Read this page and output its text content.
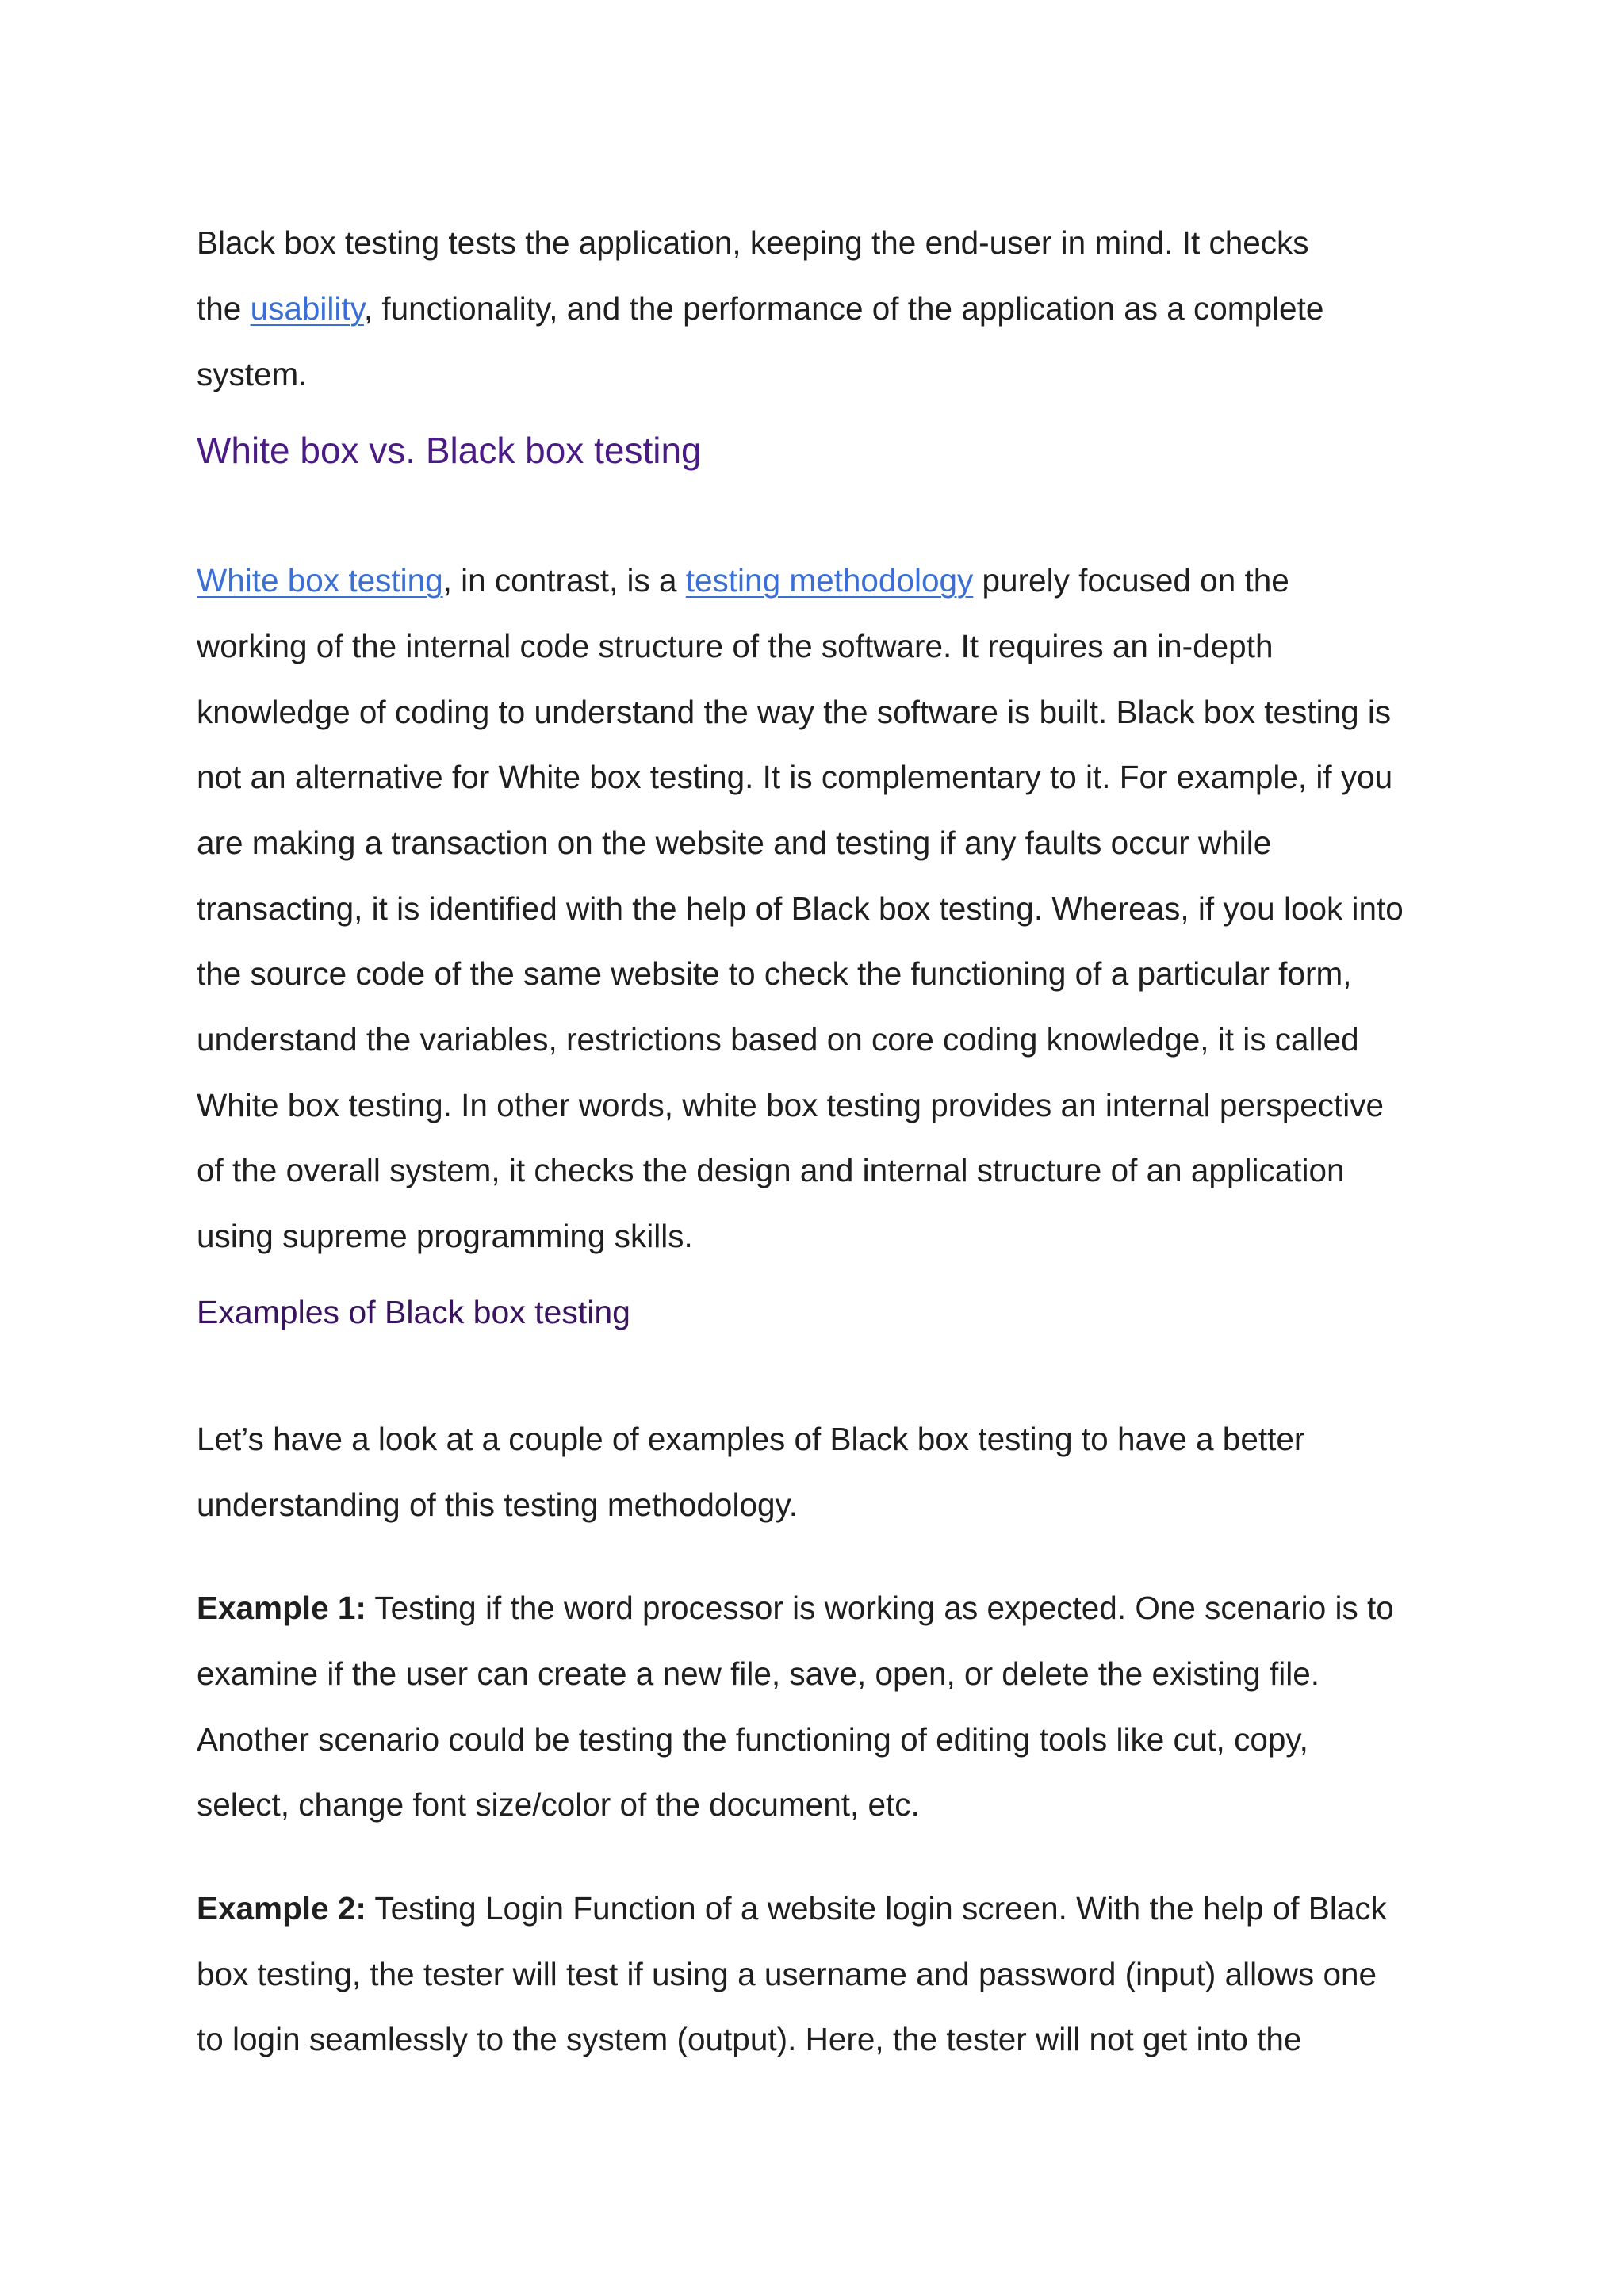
Black box testing tests the application, keeping the end-user in mind. It checks

the usability, functionality, and the performance of the application as a complete

system.

White box vs. Black box testing

White box testing, in contrast, is a testing methodology purely focused on the

working of the internal code structure of the software. It requires an in-depth

knowledge of coding to understand the way the software is built. Black box testing is

not an alternative for White box testing. It is complementary to it. For example, if you

are making a transaction on the website and testing if any faults occur while

transacting, it is identified with the help of Black box testing. Whereas, if you look into

the source code of the same website to check the functioning of a particular form,

understand the variables, restrictions based on core coding knowledge, it is called

White box testing. In other words, white box testing provides an internal perspective

of the overall system, it checks the design and internal structure of an application

using supreme programming skills.

Examples of Black box testing

Let’s have a look at a couple of examples of Black box testing to have a better

understanding of this testing methodology.

Example 1: Testing if the word processor is working as expected. One scenario is to

examine if the user can create a new file, save, open, or delete the existing file.

Another scenario could be testing the functioning of editing tools like cut, copy,

select, change font size/color of the document, etc.

Example 2: Testing Login Function of a website login screen. With the help of Black

box testing, the tester will test if using a username and password (input) allows one

to login seamlessly to the system (output). Here, the tester will not get into the
